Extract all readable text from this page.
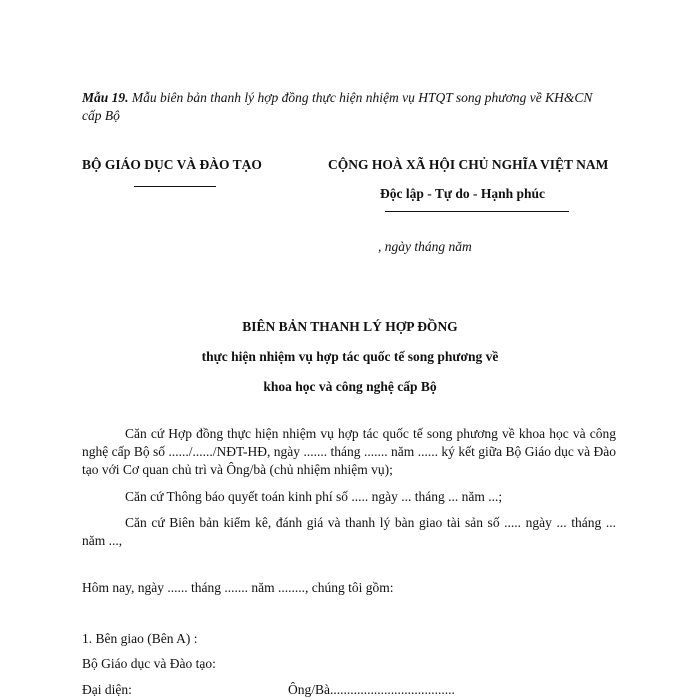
Mẫu 19. Mẫu biên bản thanh lý hợp đồng thực hiện nhiệm vụ HTQT song phương về KH&CN
cấp Bộ
BỘ GIÁO DỤC VÀ ĐÀO TẠO	CỘNG HOÀ XÃ HỘI CHỦ NGHĨA VIỆT NAM
Độc lập - Tự do - Hạnh phúc
, ngày tháng năm
BIÊN BẢN THANH LÝ HỢP ĐỒNG
thực hiện nhiệm vụ hợp tác quốc tế song phương về
khoa học và công nghệ cấp Bộ
Căn cứ Hợp đồng thực hiện nhiệm vụ hợp tác quốc tế song phương về khoa học và công nghệ cấp Bộ số ....../....../NĐT-HĐ, ngày ....... tháng ....... năm ...... ký kết giữa Bộ Giáo dục và Đào tạo với Cơ quan chủ trì và Ông/bà (chủ nhiệm nhiệm vụ);
Căn cứ Thông báo quyết toán kinh phí số ..... ngày ... tháng ... năm ...;
Căn cứ Biên bản kiểm kê, đánh giá và thanh lý bàn giao tài sản số ..... ngày ... tháng ... năm ...,
Hôm nay, ngày ...... tháng ....... năm ........, chúng tôi gồm:
1. Bên giao (Bên A) :
Bộ Giáo dục và Đào tạo:
Đại diện:	Ông/Bà.....................................
